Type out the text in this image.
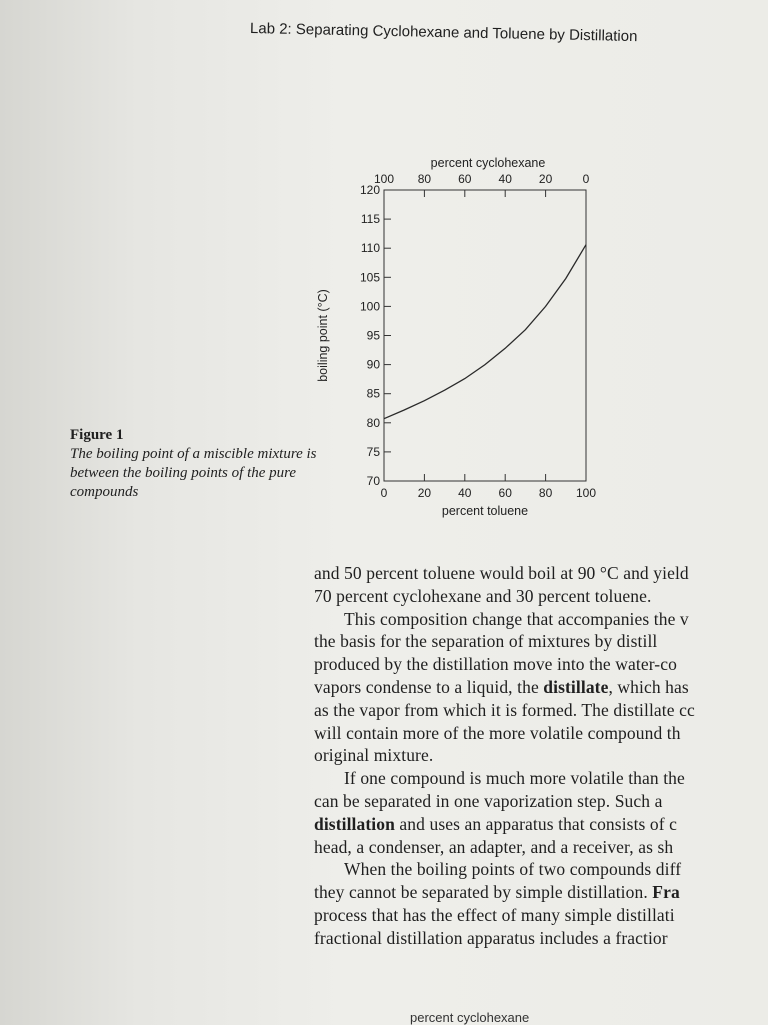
Lab 2: Separating Cyclohexane and Toluene by Distillation
Figure 1
The boiling point of a miscible mixture is between the boiling points of the pure compounds
70
75
80
85
90
95
100
105
110
115
120
0	20 40 60 80 100
100 80 60 40 20	0
percent toluene
percent cyclohexane
boiling point (°C)
and 50 percent toluene would boil at 90 °C and yield
70 percent cyclohexane and 30 percent toluene.
This composition change that accompanies the v
the basis for the separation of mixtures by distill
produced by the distillation move into the water-co
vapors condense to a liquid, the distillate, which has
as the vapor from which it is formed. The distillate cc
will contain more of the more volatile compound th
original mixture.
If one compound is much more volatile than the
can be separated in one vaporization step. Such a
distillation and uses an apparatus that consists of c
head, a condenser, an adapter, and a receiver, as sh
When the boiling points of two compounds diff
they cannot be separated by simple distillation. Fra
process that has the effect of many simple distillati
fractional distillation apparatus includes a fractior
percent cyclohexane
